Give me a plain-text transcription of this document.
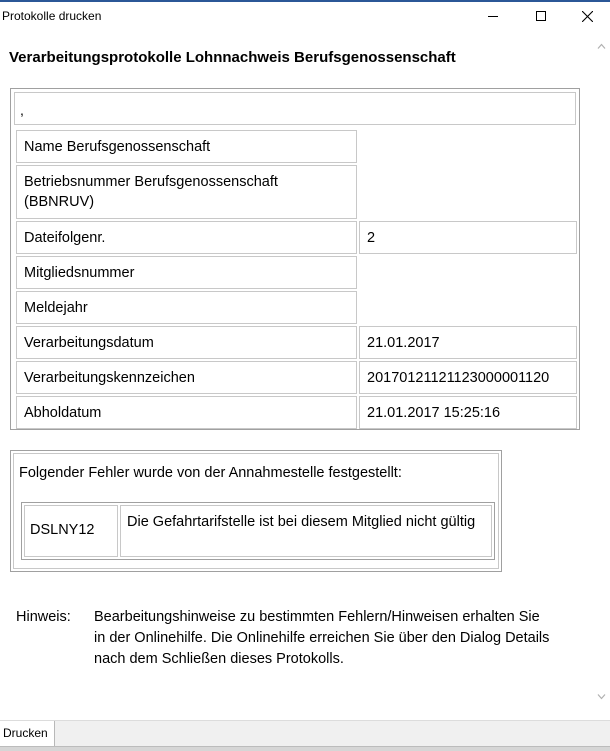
Protokolle drucken
Verarbeitungsprotokolle Lohnnachweis Berufsgenossenschaft
,
Name Berufsgenossenschaft	
Betriebsnummer Berufsgenossenschaft (BBNRUV)	
Dateifolgenr.	2
Mitgliedsnummer	
Meldejahr	
Verarbeitungsdatum	21.01.2017
Verarbeitungskennzeichen	20170121121123000001120
Abholdatum	21.01.2017 15:25:16
Folgender Fehler wurde von der Annahmestelle festgestellt:
DSLNY12	Die Gefahrtarifstelle ist bei diesem Mitglied nicht gültig
Hinweis: Bearbeitungshinweise zu bestimmten Fehlern/Hinweisen erhalten Sie in der Onlinehilfe. Die Onlinehilfe erreichen Sie über den Dialog Details nach dem Schließen dieses Protokolls.
Drucken
